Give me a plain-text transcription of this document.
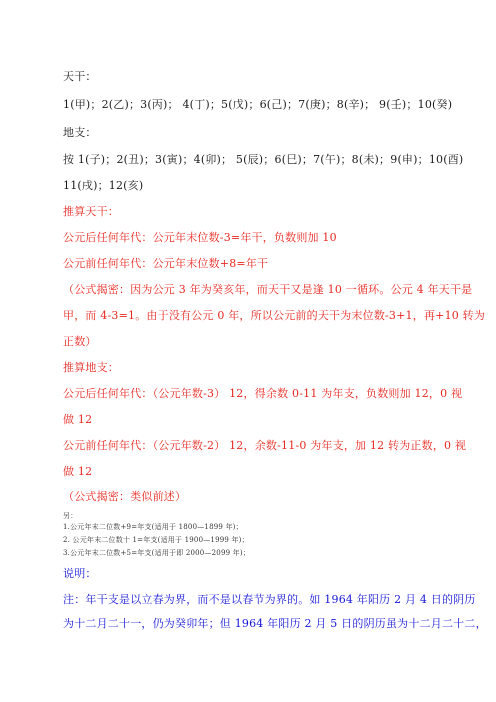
天干：
1(甲)；2(乙)；3(丙)； 4(丁)；5(戊)；6(己)；7(庚)；8(辛)； 9(壬)；10(癸)
地支：
按 1(子)；2(丑)；3(寅)；4(卯)； 5(辰)；6(巳)；7(午)；8(未)；9(申)；10(酉)
11(戌)；12(亥)
推算天干：
公元后任何年代：公元年末位数-3=年干，负数则加 10
公元前任何年代：公元年末位数+8=年干
（公式揭密：因为公元 3 年为癸亥年，而天干又是逢 10 一循环。公元 4 年天干是
甲，而 4-3=1。由于没有公元 0 年，所以公元前的天干为末位数-3+1，再+10 转为
正数）
推算地支：
公元后任何年代：（公元年数-3） 12，得余数 0-11 为年支，负数则加 12，0 视
做 12
公元前任何年代：（公元年数-2） 12，余数-11-0 为年支，加 12 转为正数，0 视
做 12
（公式揭密：类似前述）
另：
1.公元年末二位数+9=年支(适用于 1800—1899 年)；
2. 公元年末二位数十 1=年支(适用于 1900—1999 年)；
3.公元年末二位数+5=年支(适用于即 2000—2099 年)；
说明：
注：年干支是以立春为界，而不是以春节为界的。如 1964 年阳历 2 月 4 日的阴历
为十二月二十一，仍为癸卯年；但 1964 年阳历 2 月 5 日的阴历虽为十二月二十二，
